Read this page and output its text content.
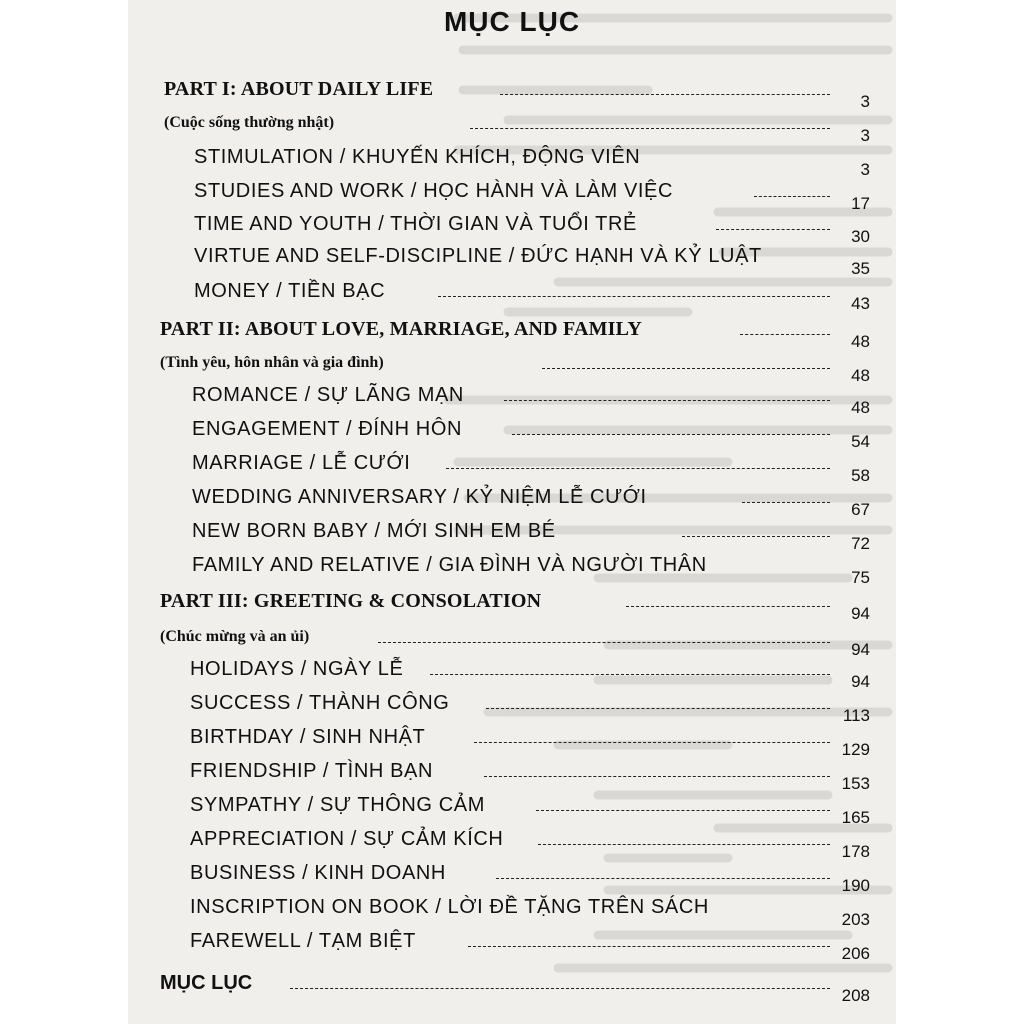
MỤC LỤC
PART I: ABOUT DAILY LIFE
3
(Cuộc sống thường nhật)
3
STIMULATION / KHUYẾN KHÍCH, ĐỘNG VIÊN
3
STUDIES AND WORK / HỌC HÀNH VÀ LÀM VIỆC
17
TIME AND YOUTH / THỜI GIAN VÀ TUỔI TRẺ
30
VIRTUE AND SELF-DISCIPLINE / ĐỨC HẠNH VÀ KỶ LUẬT
35
MONEY / TIỀN BẠC
43
PART II: ABOUT LOVE, MARRIAGE, AND FAMILY
48
(Tình yêu, hôn nhân và gia đình)
48
ROMANCE / SỰ LÃNG MẠN
48
ENGAGEMENT / ĐÍNH HÔN
54
MARRIAGE / LỄ CƯỚI
58
WEDDING ANNIVERSARY / KỶ NIỆM LỄ CƯỚI
67
NEW BORN BABY / MỚI SINH EM BÉ
72
FAMILY AND RELATIVE / GIA ĐÌNH VÀ NGƯỜI THÂN
75
PART III: GREETING & CONSOLATION
94
(Chúc mừng và an ủi)
94
HOLIDAYS / NGÀY LỄ
94
SUCCESS / THÀNH CÔNG
113
BIRTHDAY / SINH NHẬT
129
FRIENDSHIP / TÌNH BẠN
153
SYMPATHY / SỰ THÔNG CẢM
165
APPRECIATION / SỰ CẢM KÍCH
178
BUSINESS / KINH DOANH
190
INSCRIPTION ON BOOK / LỜI ĐỀ TẶNG TRÊN SÁCH
203
FAREWELL / TẠM BIỆT
206
MỤC LỤC
208
